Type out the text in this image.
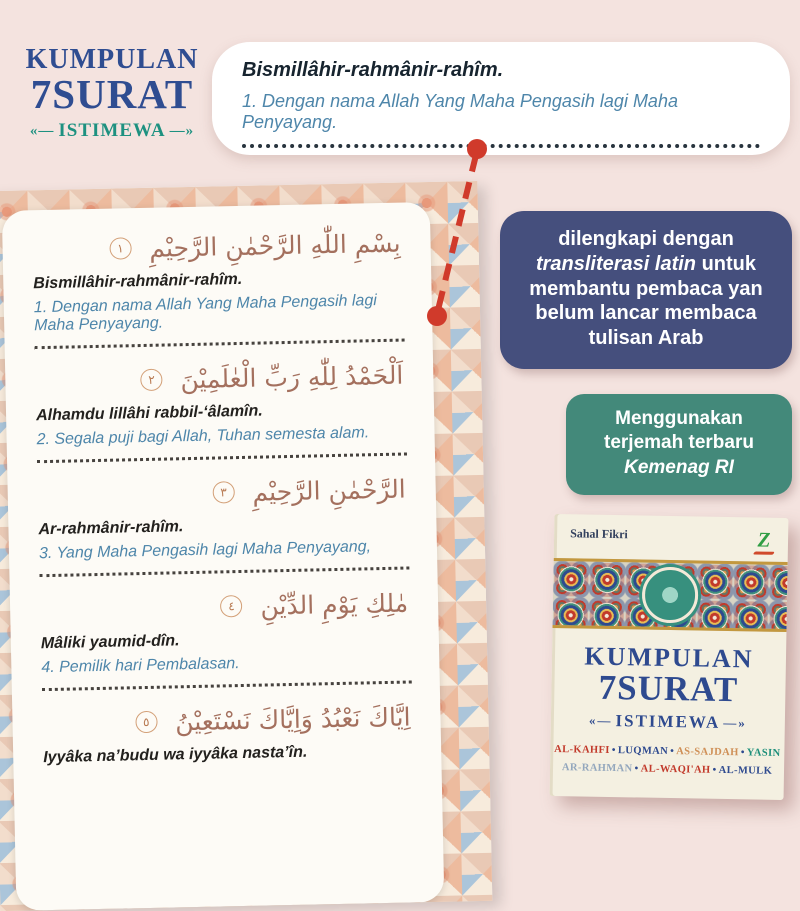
KUMPULAN
7SURAT
«— ISTIMEWA —»
Bismillâhir-rahmânir-rahîm.
1. Dengan nama Allah Yang Maha Pengasih lagi Maha Penyayang.
بِسْمِ اللّٰهِ الرَّحْمٰنِ الرَّحِيْمِ ١
Bismillâhir-rahmânir-rahîm.
1. Dengan nama Allah Yang Maha Pengasih lagi Maha Penyayang.
اَلْحَمْدُ لِلّٰهِ رَبِّ الْعٰلَمِيْنَ ٢
Alhamdu lillâhi rabbil-‘âlamîn.
2. Segala puji bagi Allah, Tuhan semesta alam.
الرَّحْمٰنِ الرَّحِيْمِ ٣
Ar-rahmânir-rahîm.
3. Yang Maha Pengasih lagi Maha Penyayang,
مٰلِكِ يَوْمِ الدِّيْنِ ٤
Mâliki yaumid-dîn.
4. Pemilik hari Pembalasan.
اِيَّاكَ نَعْبُدُ وَاِيَّاكَ نَسْتَعِيْنُ ٥
Iyyâka na’budu wa iyyâka nasta’în.
dilengkapi dengan transliterasi latin untuk membantu pembaca yan belum lancar membaca tulisan Arab
Menggunakan terjemah terbaru
Kemenag RI
Sahal Fikri	Z
KUMPULAN
7SURAT
«— ISTIMEWA —»
AL-KAHFI • LUQMAN • AS-SAJDAH • YASIN
AR-RAHMAN • AL-WAQI'AH • AL-MULK
